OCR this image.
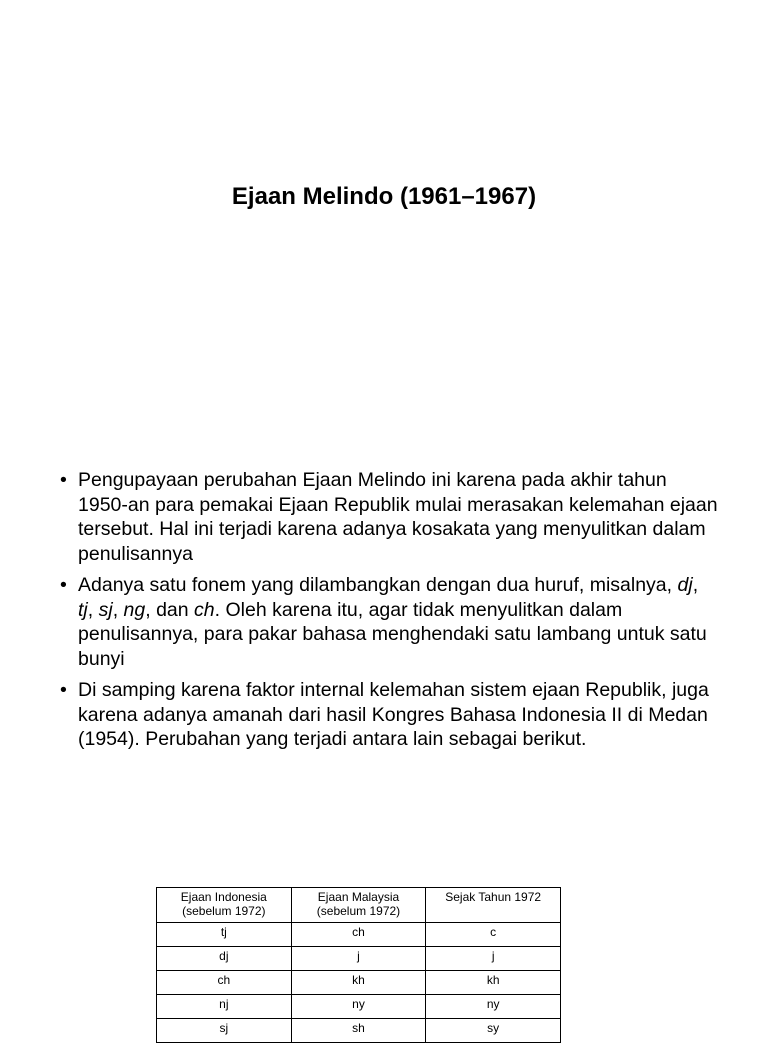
Ejaan Melindo (1961–1967)
• Pengupayaan perubahan Ejaan Melindo ini karena pada akhir tahun 1950-an para pemakai Ejaan Republik mulai merasakan kelemahan ejaan tersebut. Hal ini terjadi karena adanya kosakata yang menyulitkan dalam penulisannya
• Adanya satu fonem yang dilambangkan dengan dua huruf, misalnya, dj, tj, sj, ng, dan ch. Oleh karena itu, agar tidak menyulitkan dalam penulisannya, para pakar bahasa menghendaki satu lambang untuk satu bunyi
• Di samping karena faktor internal kelemahan sistem ejaan Republik, juga karena adanya amanah dari hasil Kongres Bahasa Indonesia II di Medan (1954). Perubahan yang terjadi antara lain sebagai berikut.
Ejaan Indonesia (sebelum 1972)	Ejaan Malaysia (sebelum 1972)	Sejak Tahun 1972
tj	ch	c
dj	j	j
ch	kh	kh
nj	ny	ny
sj	sh	sy
